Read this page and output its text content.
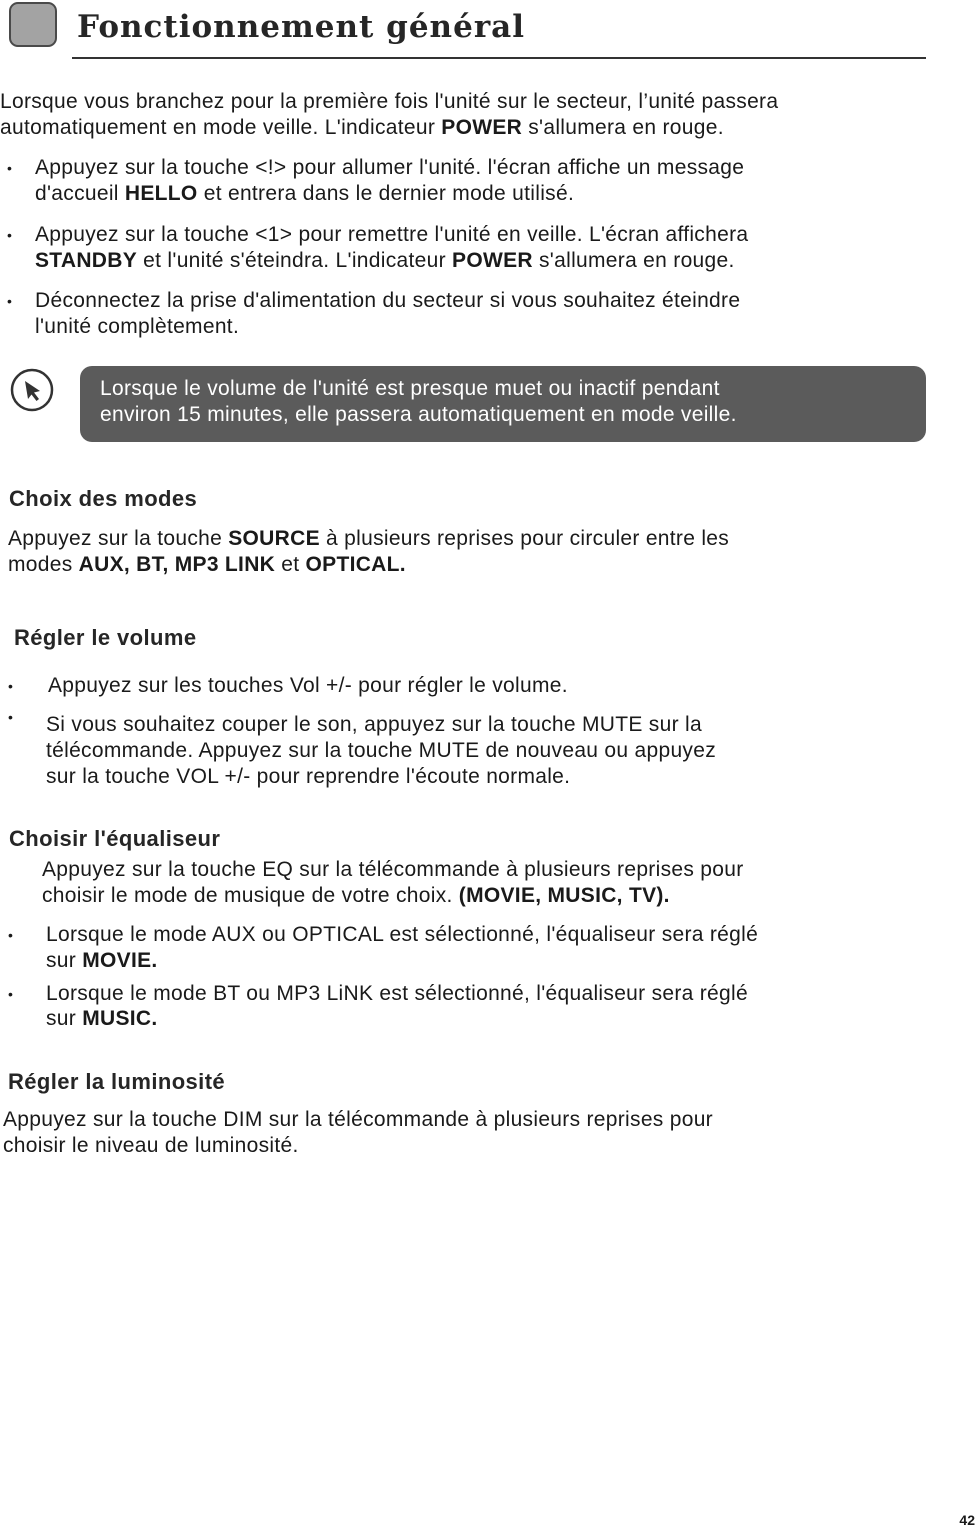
Fonctionnement général

Lorsque vous branchez pour la première fois l'unité sur le secteur, l’unité passera

automatiquement en mode veille. L'indicateur POWER s'allumera en rouge.

• Appuyez sur la touche <!> pour allumer l'unité. l'écran affiche un message

d'accueil HELLO et entrera dans le dernier mode utilisé.

• Appuyez sur la touche <1> pour remettre l'unité en veille. L'écran affichera

STANDBY et l'unité s'éteindra. L'indicateur POWER s'allumera en rouge.

• Déconnectez la prise d'alimentation du secteur si vous souhaitez éteindre

l'unité complètement.

Lorsque le volume de l'unité est presque muet ou inactif pendant

environ 15 minutes, elle passera automatiquement en mode veille.

Choix des modes

Appuyez sur la touche SOURCE à plusieurs reprises pour circuler entre les

modes AUX, BT, MP3 LINK et OPTICAL.

Régler le volume
• Appuyez sur les touches Vol +/- pour régler le volume.

• Si vous souhaitez couper le son, appuyez sur la touche MUTE sur la

télécommande. Appuyez sur la touche MUTE de nouveau ou appuyez

sur la touche VOL +/- pour reprendre l'écoute normale.

Choisir l'équaliseur

Appuyez sur la touche EQ sur la télécommande à plusieurs reprises pour

choisir le mode de musique de votre choix. (MOVIE, MUSIC, TV).

• Lorsque le mode AUX ou OPTICAL est sélectionné, l'équaliseur sera réglé

sur MOVIE.

• Lorsque le mode BT ou MP3 LiNK est sélectionné, l'équaliseur sera réglé

sur MUSIC.

Régler la luminosité

Appuyez sur la touche DIM sur la télécommande à plusieurs reprises pour

choisir le niveau de luminosité.

42
